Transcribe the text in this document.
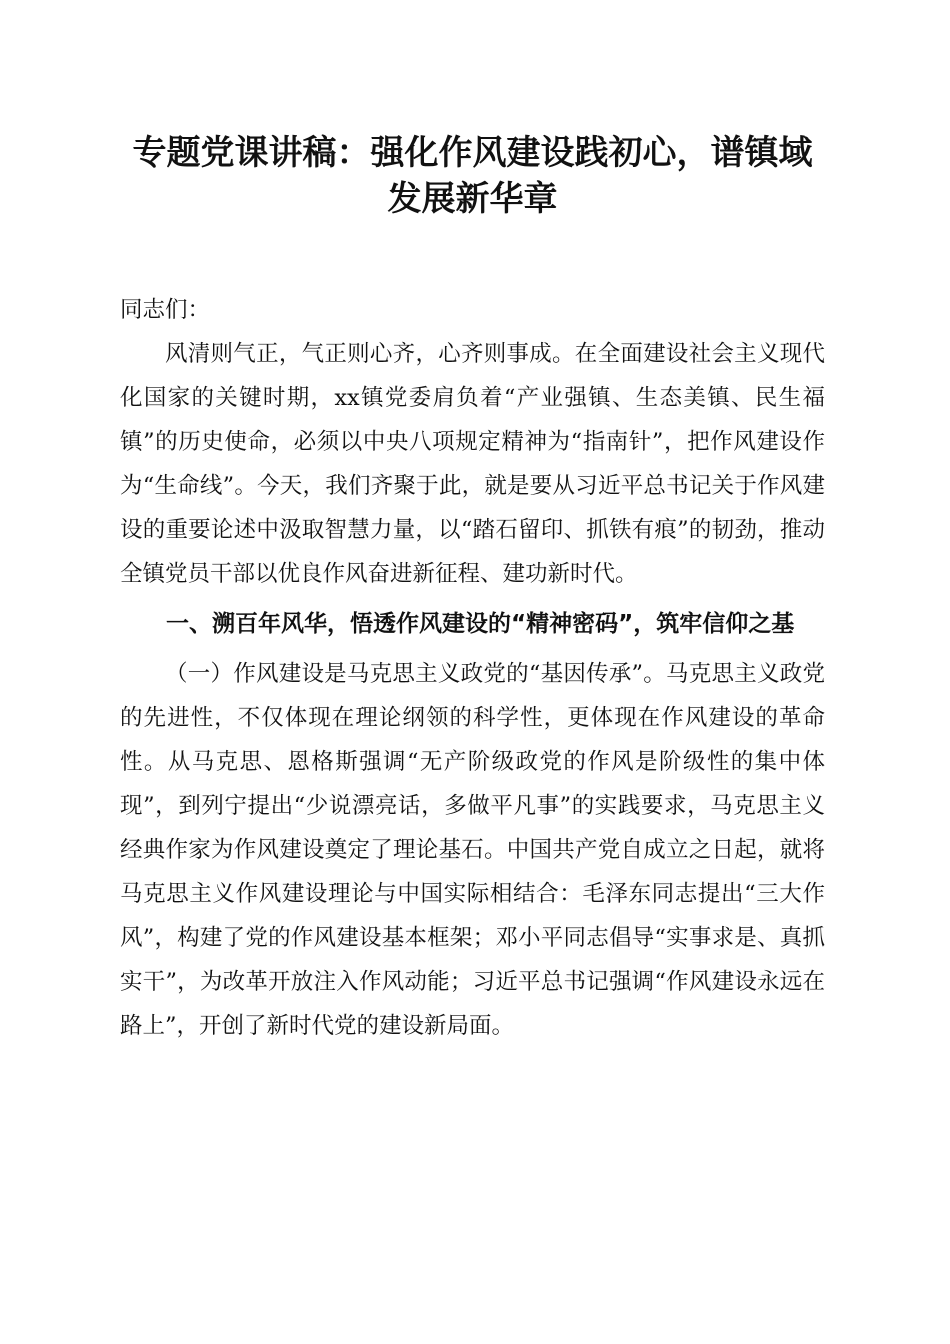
专题党课讲稿：强化作风建设践初心，谱镇域发展新华章

同志们：

风清则气正，气正则心齐，心齐则事成。在全面建设社会主义现代化国家的关键时期，xx镇党委肩负着“产业强镇、生态美镇、民生福镇”的历史使命，必须以中央八项规定精神为“指南针”，把作风建设作为“生命线”。今天，我们齐聚于此，就是要从习近平总书记关于作风建设的重要论述中汲取智慧力量，以“踏石留印、抓铁有痕”的韧劲，推动全镇党员干部以优良作风奋进新征程、建功新时代。

一、溯百年风华，悟透作风建设的“精神密码”，筑牢信仰之基

（一）作风建设是马克思主义政党的“基因传承”。马克思主义政党的先进性，不仅体现在理论纲领的科学性，更体现在作风建设的革命性。从马克思、恩格斯强调“无产阶级政党的作风是阶级性的集中体现”，到列宁提出“少说漂亮话，多做平凡事”的实践要求，马克思主义经典作家为作风建设奠定了理论基石。中国共产党自成立之日起，就将马克思主义作风建设理论与中国实际相结合：毛泽东同志提出“三大作风”，构建了党的作风建设基本框架；邓小平同志倡导“实事求是、真抓实干”，为改革开放注入作风动能；习近平总书记强调“作风建设永远在路上”，开创了新时代党的建设新局面。
